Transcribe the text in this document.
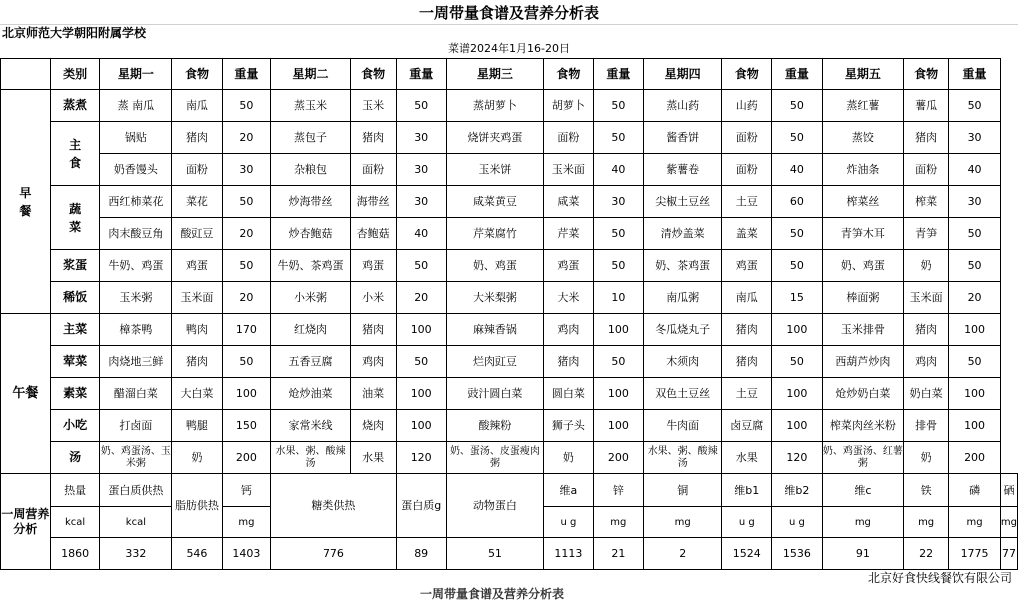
一周带量食谱及营养分析表
北京师范大学朝阳附属学校
菜谱2024年1月16-20日
	类别	星期一	食物	重量	星期二	食物	重量	星期三	食物	重量	星期四	食物	重量	星期五	食物	重量	
早餐	蒸煮	蒸 南瓜	南瓜	50	蒸玉米	玉米	50	蒸胡萝卜	胡萝卜	50	蒸山药	山药	50	蒸红薯	薯瓜	50	
	主食	锅贴	猪肉	20	蒸包子	猪肉	30	烧饼夹鸡蛋	面粉	50	酱香饼	面粉	50	蒸饺	猪肉	30	
		奶香馒头	面粉	30	杂粮包	面粉	30	玉米饼	玉米面	40	紫薯卷	面粉	40	炸油条	面粉	40	
	蔬菜	西红柿菜花	菜花	50	炒海带丝	海带丝	30	咸菜黄豆	咸菜	30	尖椒土豆丝	土豆	60	榨菜丝	榨菜	30	
		肉末酸豆角	酸豇豆	20	炒杏鲍菇	杏鲍菇	40	芹菜腐竹	芹菜	50	清炒盖菜	盖菜	50	青笋木耳	青笋	50	
	浆蛋	牛奶、鸡蛋	鸡蛋	50	牛奶、茶鸡蛋	鸡蛋	50	奶、鸡蛋	鸡蛋	50	奶、茶鸡蛋	鸡蛋	50	奶、鸡蛋	奶	50	
	稀饭	玉米粥	玉米面	20	小米粥	小米	20	大米梨粥	大米	10	南瓜粥	南瓜	15	棒面粥	玉米面	20	
午餐	主菜	樟茶鸭	鸭肉	170	红烧肉	猪肉	100	麻辣香锅	鸡肉	100	冬瓜烧丸子	猪肉	100	玉米排骨	猪肉	100	
	荤菜	肉烧地三鲜	猪肉	50	五香豆腐	鸡肉	50	烂肉豇豆	猪肉	50	木须肉	猪肉	50	西葫芦炒肉	鸡肉	50	
	素菜	醋溜白菜	大白菜	100	炝炒油菜	油菜	100	豉汁圆白菜	圆白菜	100	双色土豆丝	土豆	100	炝炒奶白菜	奶白菜	100	
	小吃	打卤面	鸭腿	150	家常米线	烧肉	100	酸辣粉	狮子头	100	牛肉面	卤豆腐	100	榨菜肉丝米粉	排骨	100	
	汤	奶、鸡蛋汤、玉米粥	奶	200	水果、粥、酸辣汤	水果	120	奶、蛋汤、皮蛋瘦肉粥	奶	200	水果、粥、酸辣汤	水果	120	奶、鸡蛋汤、红薯粥	奶	200	
一周营养分析	热量	蛋白质供热	脂肪供热	钙	糖类供热		蛋白质g	动物蛋白	维a	锌	铜	维b1	维b2	维c	铁	磷	硒
	kcal	kcal		mg					u g	mg	mg	u g	u g	mg	mg	mg	mg
	1860	332	546	1403	776		89	51	1113	21	2	1524	1536	91	22	1775	77
北京好食快线餐饮有限公司
一周带量食谱及营养分析表
